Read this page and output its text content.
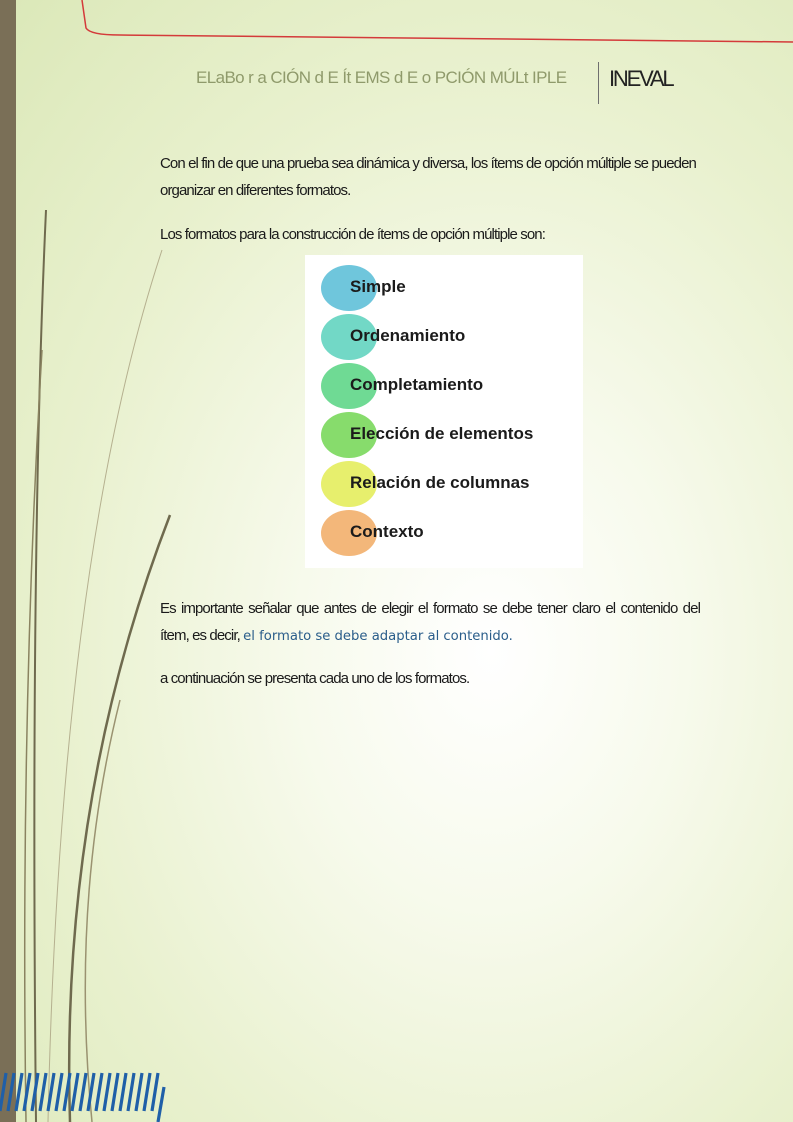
ELaBo r a CIÓN d E Ít EMS d E o PCIÓN MÚLt IPLE	INEVAL

Con el fin de que una prueba sea dinámica y diversa, los ítems de opción múltiple se pueden organizar en diferentes formatos.

Los formatos para la construcción de ítems de opción múltiple son:

Simple
Ordenamiento
Completamiento
Elección de elementos
Relación de columnas
Contexto

Es importante señalar que antes de elegir el formato se debe tener claro el contenido del ítem, es decir, el formato se debe adaptar al contenido.

a continuación se presenta cada uno de los formatos.
